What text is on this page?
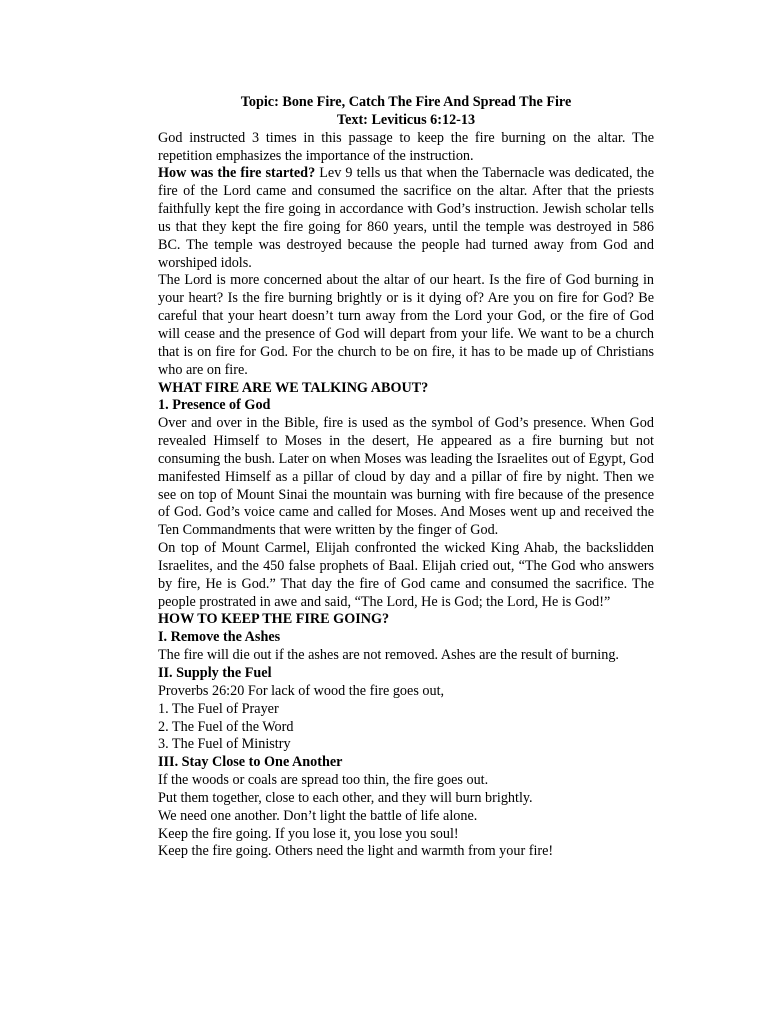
Topic: Bone Fire, Catch The Fire And Spread The Fire
Text: Leviticus 6:12-13

God instructed 3 times in this passage to keep the fire burning on the altar. The repetition emphasizes the importance of the instruction.

How was the fire started? Lev 9 tells us that when the Tabernacle was dedicated, the fire of the Lord came and consumed the sacrifice on the altar. After that the priests faithfully kept the fire going in accordance with God’s instruction. Jewish scholar tells us that they kept the fire going for 860 years, until the temple was destroyed in 586 BC. The temple was destroyed because the people had turned away from God and worshiped idols.

The Lord is more concerned about the altar of our heart. Is the fire of God burning in your heart? Is the fire burning brightly or is it dying of? Are you on fire for God? Be careful that your heart doesn’t turn away from the Lord your God, or the fire of God will cease and the presence of God will depart from your life. We want to be a church that is on fire for God. For the church to be on fire, it has to be made up of Christians who are on fire.

WHAT FIRE ARE WE TALKING ABOUT?
1. Presence of God

Over and over in the Bible, fire is used as the symbol of God’s presence. When God revealed Himself to Moses in the desert, He appeared as a fire burning but not consuming the bush. Later on when Moses was leading the Israelites out of Egypt, God manifested Himself as a pillar of cloud by day and a pillar of fire by night. Then we see on top of Mount Sinai the mountain was burning with fire because of the presence of God. God’s voice came and called for Moses. And Moses went up and received the Ten Commandments that were written by the finger of God.

On top of Mount Carmel, Elijah confronted the wicked King Ahab, the backslidden Israelites, and the 450 false prophets of Baal. Elijah cried out, “The God who answers by fire, He is God.” That day the fire of God came and consumed the sacrifice. The people prostrated in awe and said, “The Lord, He is God; the Lord, He is God!”

HOW TO KEEP THE FIRE GOING?
I. Remove the Ashes
The fire will die out if the ashes are not removed. Ashes are the result of burning.
II. Supply the Fuel
Proverbs 26:20 For lack of wood the fire goes out,
1. The Fuel of Prayer
2. The Fuel of the Word
3. The Fuel of Ministry
III. Stay Close to One Another
If the woods or coals are spread too thin, the fire goes out.
Put them together, close to each other, and they will burn brightly.
We need one another. Don’t light the battle of life alone.
Keep the fire going. If you lose it, you lose you soul!
Keep the fire going. Others need the light and warmth from your fire!
